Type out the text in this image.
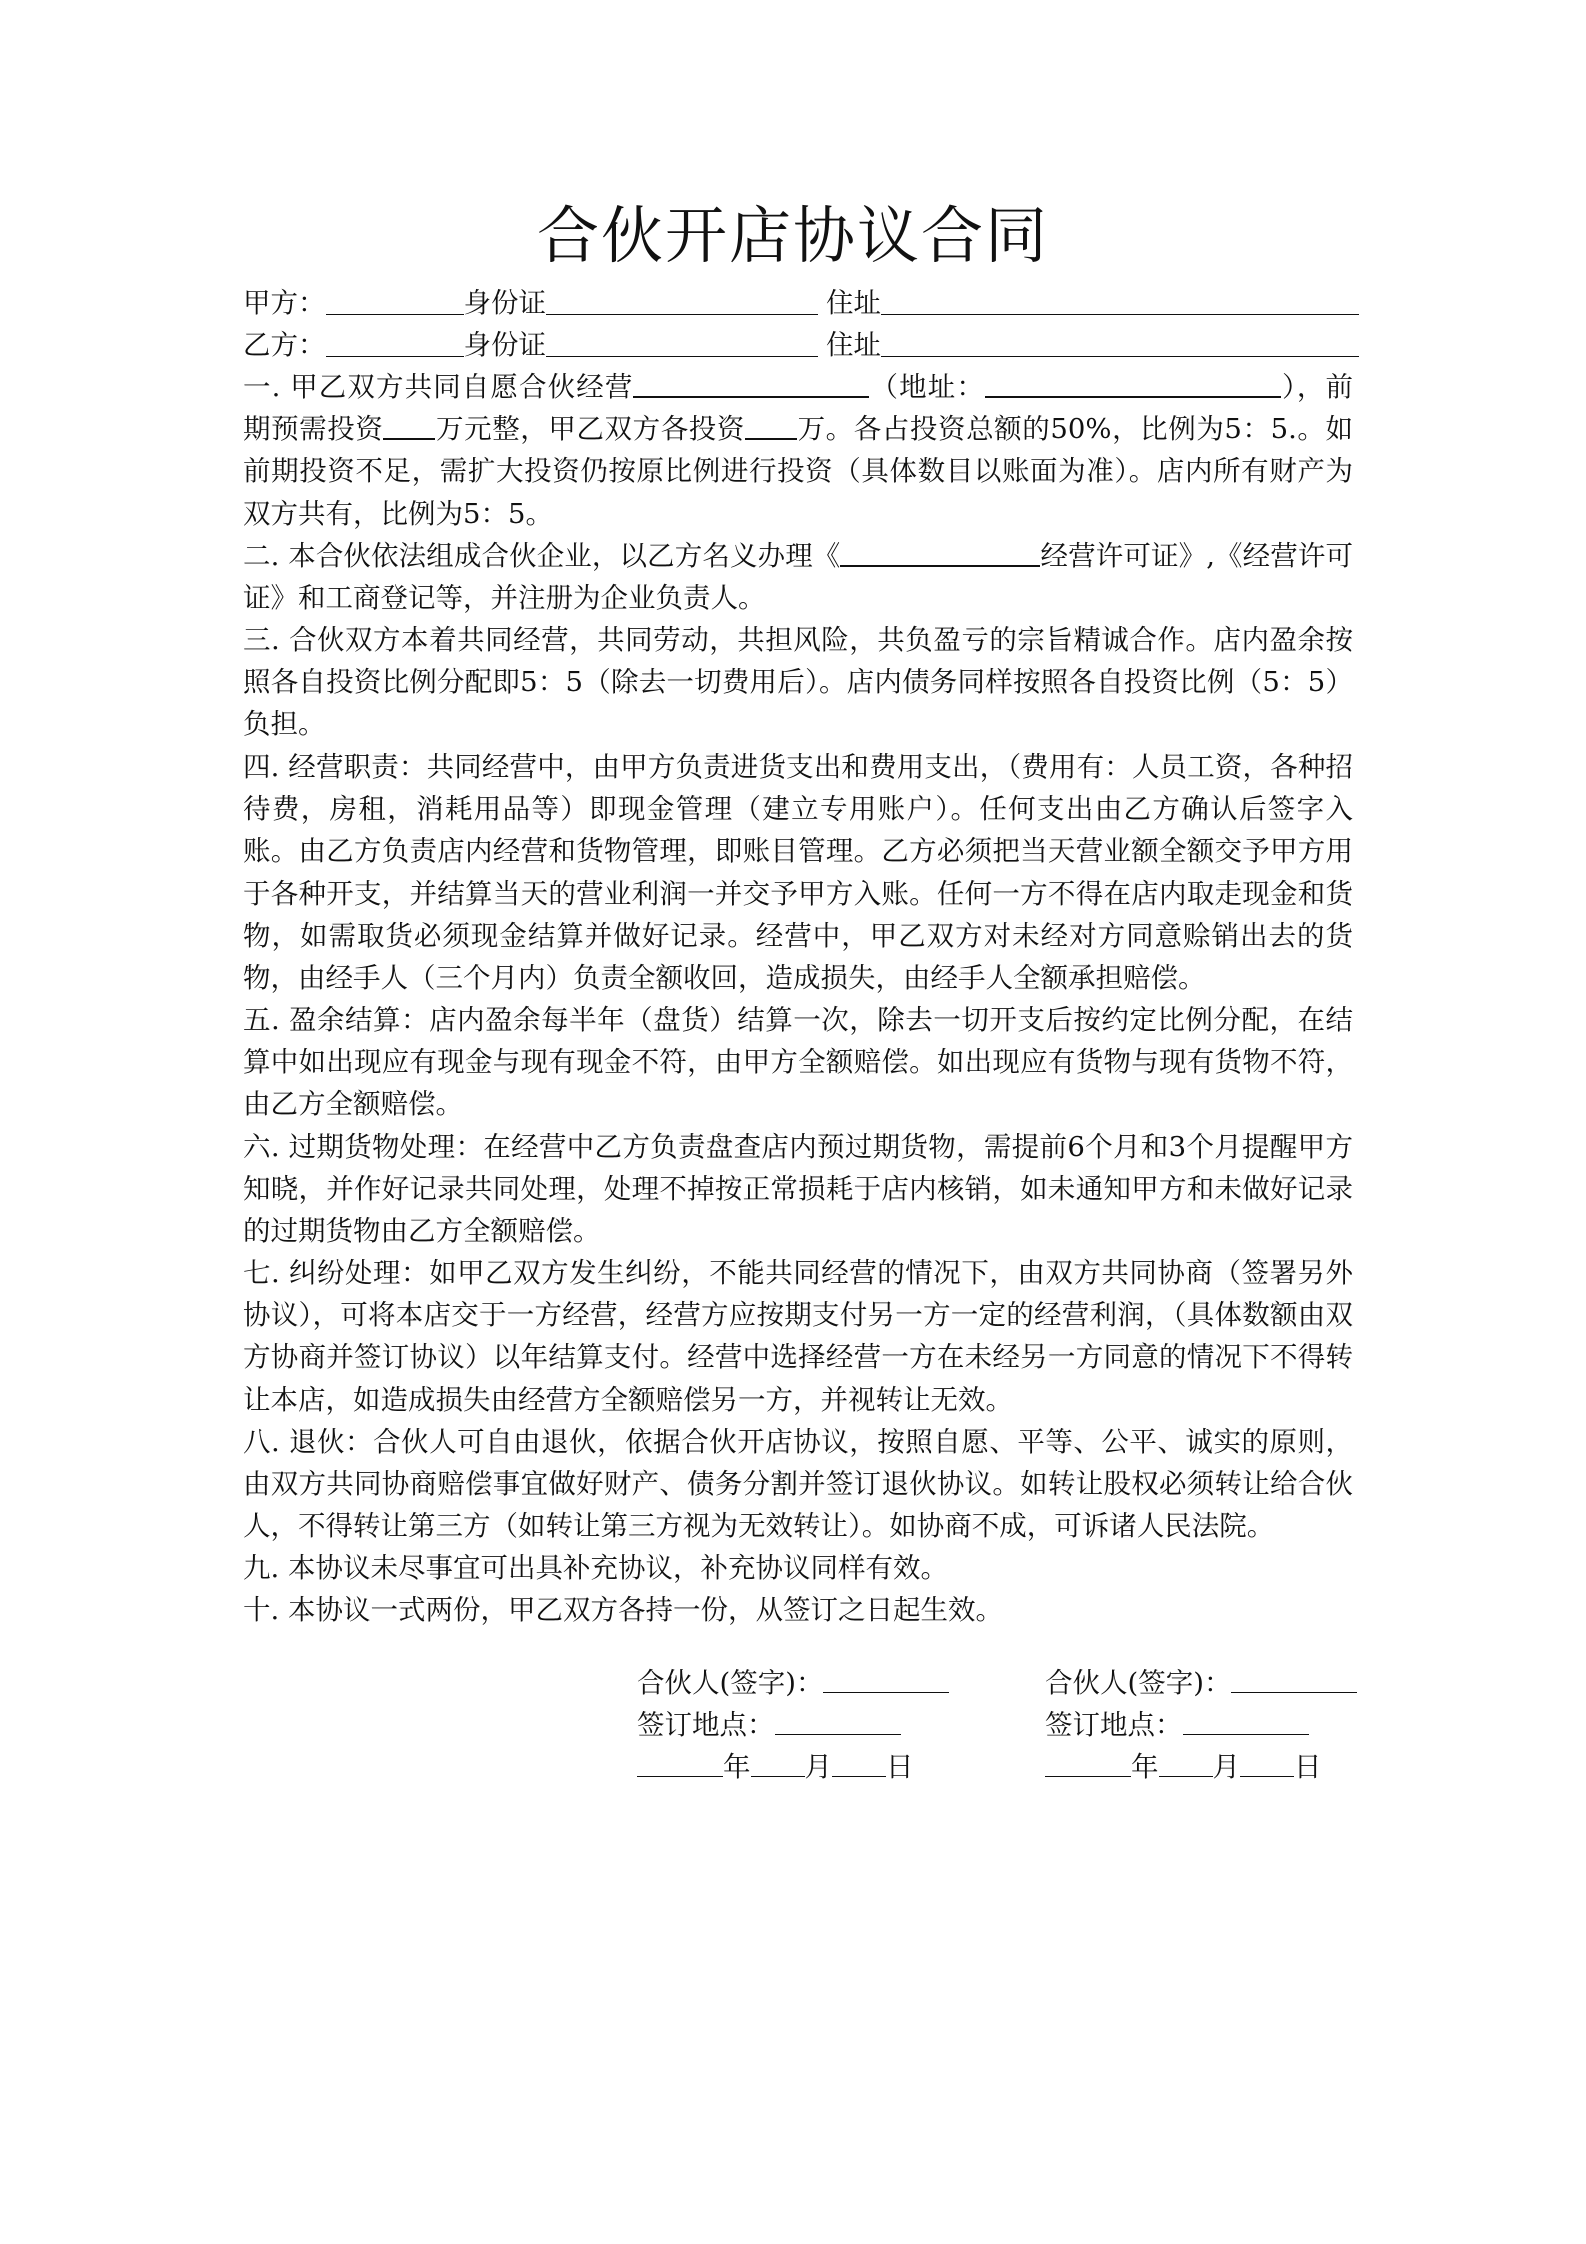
合伙开店协议合同
甲方：	身份证	住址
乙方：	身份证	住址
一. 甲乙双方共同自愿合伙经营	（地址：	），前期预需投资 万元整，甲乙双方各投资 万。各占投资总额的50%，比例为5：5.。如前期投资不足，需扩大投资仍按原比例进行投资（具体数目以账面为准）。店内所有财产为双方共有，比例为5：5。
二. 本合伙依法组成合伙企业，以乙方名义办理《	经营许可证》,《经营许可证》和工商登记等，并注册为企业负责人。
三. 合伙双方本着共同经营，共同劳动，共担风险，共负盈亏的宗旨精诚合作。店内盈余按照各自投资比例分配即5：5（除去一切费用后）。店内债务同样按照各自投资比例（5：5）负担。
四. 经营职责：共同经营中，由甲方负责进货支出和费用支出，（费用有：人员工资，各种招待费，房租，消耗用品等）即现金管理（建立专用账户）。任何支出由乙方确认后签字入账。由乙方负责店内经营和货物管理，即账目管理。乙方必须把当天营业额全额交予甲方用于各种开支，并结算当天的营业利润一并交予甲方入账。任何一方不得在店内取走现金和货物，如需取货必须现金结算并做好记录。经营中，甲乙双方对未经对方同意赊销出去的货物，由经手人（三个月内）负责全额收回，造成损失，由经手人全额承担赔偿。
五. 盈余结算：店内盈余每半年（盘货）结算一次，除去一切开支后按约定比例分配，在结算中如出现应有现金与现有现金不符，由甲方全额赔偿。如出现应有货物与现有货物不符，由乙方全额赔偿。
六. 过期货物处理：在经营中乙方负责盘查店内预过期货物，需提前6个月和3个月提醒甲方知晓，并作好记录共同处理，处理不掉按正常损耗于店内核销，如未通知甲方和未做好记录的过期货物由乙方全额赔偿。
七. 纠纷处理：如甲乙双方发生纠纷，不能共同经营的情况下，由双方共同协商（签署另外协议），可将本店交于一方经营，经营方应按期支付另一方一定的经营利润，（具体数额由双方协商并签订协议）以年结算支付。经营中选择经营一方在未经另一方同意的情况下不得转让本店，如造成损失由经营方全额赔偿另一方，并视转让无效。
八. 退伙：合伙人可自由退伙，依据合伙开店协议，按照自愿、平等、公平、诚实的原则，由双方共同协商赔偿事宜做好财产、债务分割并签订退伙协议。如转让股权必须转让给合伙人，不得转让第三方（如转让第三方视为无效转让）。如协商不成，可诉诸人民法院。
九. 本协议未尽事宜可出具补充协议，补充协议同样有效。
十. 本协议一式两份，甲乙双方各持一份，从签订之日起生效。
合伙人(签字)：
签订地点：
年 月 日
合伙人(签字)：
签订地点：
年 月 日
